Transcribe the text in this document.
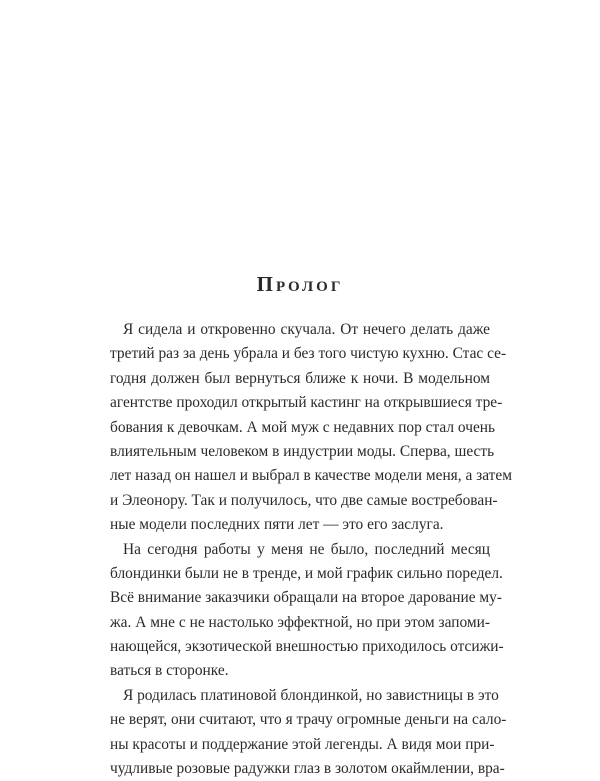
Пролог
Я сидела и откровенно скучала. От нечего делать даже
третий раз за день убрала и без того чистую кухню. Стас се-
годня должен был вернуться ближе к ночи. В модельном
агентстве проходил открытый кастинг на открывшиеся тре-
бования к девочкам. А мой муж с недавних пор стал очень
влиятельным человеком в индустрии моды. Сперва, шесть
лет назад он нашел и выбрал в качестве модели меня, а затем
и Элеонору. Так и получилось, что две самые востребован-
ные модели последних пяти лет — это его заслуга.
На сегодня работы у меня не было, последний месяц
блондинки были не в тренде, и мой график сильно поредел.
Всё внимание заказчики обращали на второе дарование му-
жа. А мне с не настолько эффектной, но при этом запоми-
нающейся, экзотической внешностью приходилось отсижи-
ваться в сторонке.
Я родилась платиновой блондинкой, но завистницы в это
не верят, они считают, что я трачу огромные деньги на сало-
ны красоты и поддержание этой легенды. А видя мои при-
чудливые розовые радужки глаз в золотом окаймлении, вра-
